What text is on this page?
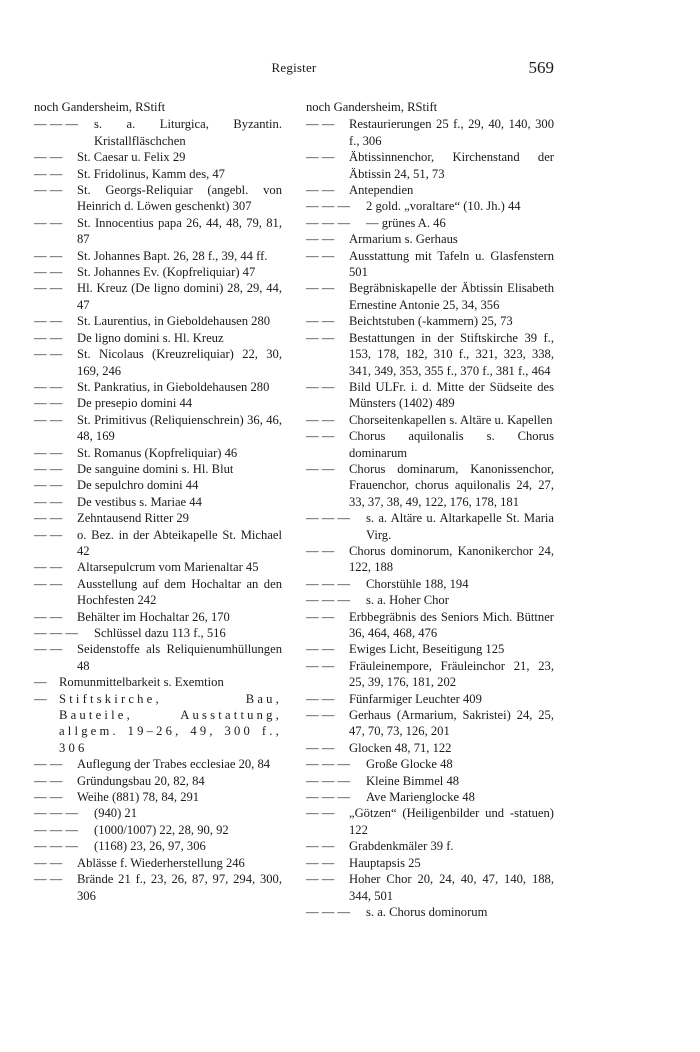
Register	569
noch Gandersheim, RStift
— — —	s. a. Liturgica, Byzantin. Kristallfläschchen
— —	St. Caesar u. Felix 29
— —	St. Fridolinus, Kamm des, 47
— —	St. Georgs-Reliquiar (angebl. von Heinrich d. Löwen geschenkt) 307
— —	St. Innocentius papa 26, 44, 48, 79, 81, 87
— —	St. Johannes Bapt. 26, 28 f., 39, 44 ff.
— —	St. Johannes Ev. (Kopfreliquiar) 47
— —	Hl. Kreuz (De ligno domini) 28, 29, 44, 47
— —	St. Laurentius, in Gieboldehausen 280
— —	De ligno domini s. Hl. Kreuz
— —	St. Nicolaus (Kreuzreliquiar) 22, 30, 169, 246
— —	St. Pankratius, in Gieboldehausen 280
— —	De presepio domini 44
— —	St. Primitivus (Reliquienschrein) 36, 46, 48, 169
— —	St. Romanus (Kopfreliquiar) 46
— —	De sanguine domini s. Hl. Blut
— —	De sepulchro domini 44
— —	De vestibus s. Mariae 44
— —	Zehntausend Ritter 29
— —	o. Bez. in der Abteikapelle St. Michael 42
— —	Altarsepulcrum vom Marienaltar 45
— —	Ausstellung auf dem Hochaltar an den Hochfesten 242
— —	Behälter im Hochaltar 26, 170
— — —	Schlüssel dazu 113 f., 516
— —	Seidenstoffe als Reliquienumhüllungen 48
— Romunmittelbarkeit s. Exemtion
— Stiftskirche, Bau, Bauteile, Ausstattung, allgem. 19–26, 49, 300 f., 306
— —	Auflegung der Trabes ecclesiae 20, 84
— —	Gründungsbau 20, 82, 84
— —	Weihe (881) 78, 84, 291
— — —	(940) 21
— — —	(1000/1007) 22, 28, 90, 92
— — —	(1168) 23, 26, 97, 306
— —	Ablässe f. Wiederherstellung 246
— —	Brände 21 f., 23, 26, 87, 97, 294, 300, 306
noch Gandersheim, RStift
— —	Restaurierungen 25 f., 29, 40, 140, 300 f., 306
— —	Äbtissinnenchor, Kirchenstand der Äbtissin 24, 51, 73
— —	Antependien
— — —	2 gold. „voraltare“ (10. Jh.) 44
— — —	— grünes A. 46
— —	Armarium s. Gerhaus
— —	Ausstattung mit Tafeln u. Glasfenstern 501
— —	Begräbniskapelle der Äbtissin Elisabeth Ernestine Antonie 25, 34, 356
— —	Beichtstuben (-kammern) 25, 73
— —	Bestattungen in der Stiftskirche 39 f., 153, 178, 182, 310 f., 321, 323, 338, 341, 349, 353, 355 f., 370 f., 381 f., 464
— —	Bild ULFr. i. d. Mitte der Südseite des Münsters (1402) 489
— —	Chorseitenkapellen s. Altäre u. Kapellen
— —	Chorus aquilonalis s. Chorus dominarum
— —	Chorus dominarum, Kanonissenchor, Frauenchor, chorus aquilonalis 24, 27, 33, 37, 38, 49, 122, 176, 178, 181
— — —	s. a. Altäre u. Altarkapelle St. Maria Virg.
— —	Chorus dominorum, Kanonikerchor 24, 122, 188
— — —	Chorstühle 188, 194
— — —	s. a. Hoher Chor
— —	Erbbegräbnis des Seniors Mich. Büttner 36, 464, 468, 476
— —	Ewiges Licht, Beseitigung 125
— —	Fräuleinempore, Fräuleinchor 21, 23, 25, 39, 176, 181, 202
— —	Fünfarmiger Leuchter 409
— —	Gerhaus (Armarium, Sakristei) 24, 25, 47, 70, 73, 126, 201
— —	Glocken 48, 71, 122
— — —	Große Glocke 48
— — —	Kleine Bimmel 48
— — —	Ave Marienglocke 48
— —	„Götzen“ (Heiligenbilder und -statuen) 122
— —	Grabdenkmäler 39 f.
— —	Hauptapsis 25
— —	Hoher Chor 20, 24, 40, 47, 140, 188, 344, 501
— — —	s. a. Chorus dominorum
